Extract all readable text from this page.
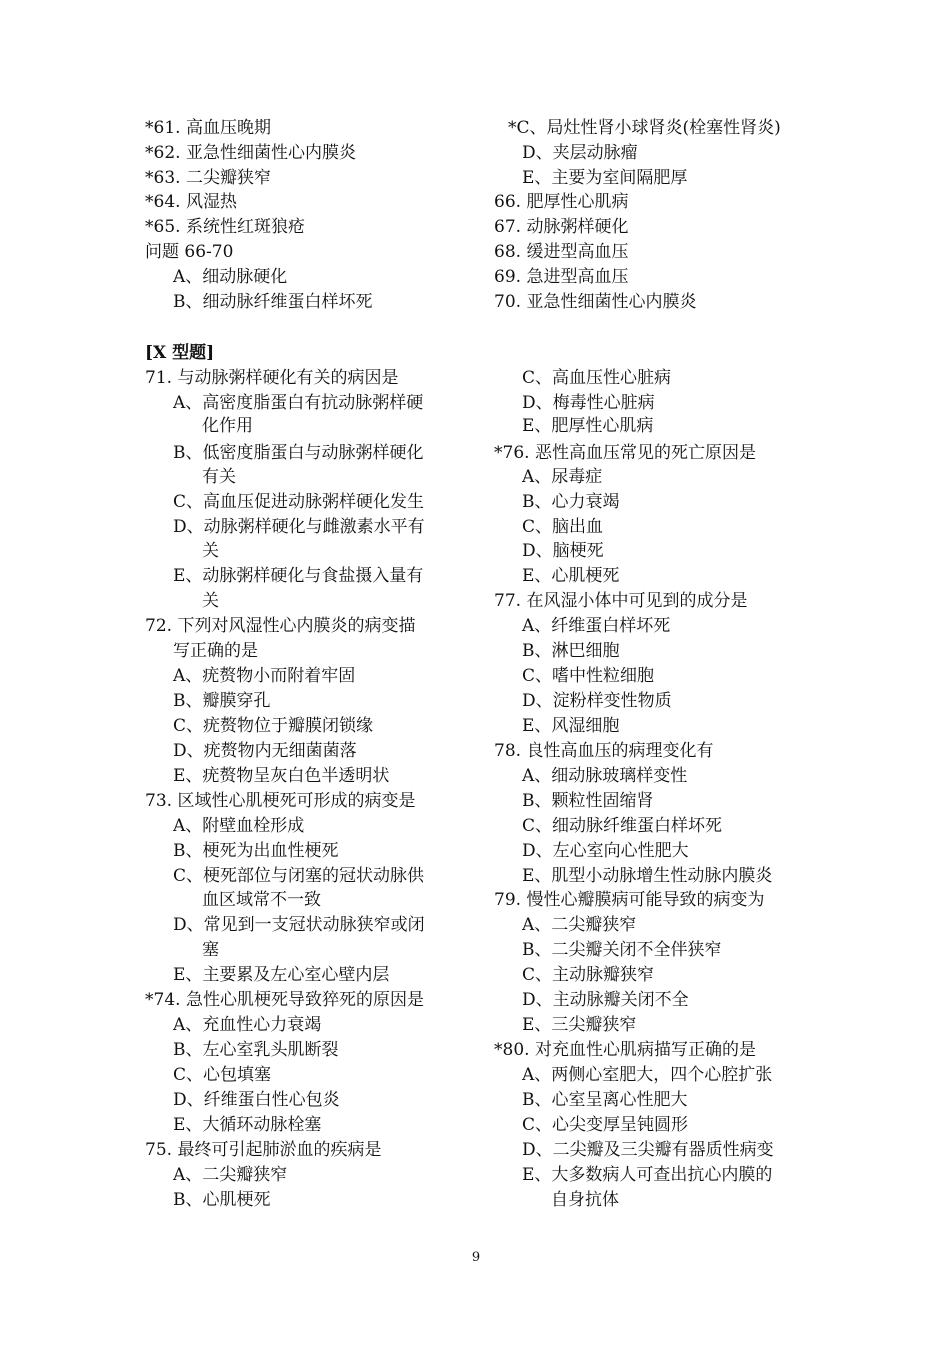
*61. 高血压晚期
*62. 亚急性细菌性心内膜炎
*63. 二尖瓣狭窄
*64. 风湿热
*65. 系统性红斑狼疮
问题 66-70
A、细动脉硬化
B、细动脉纤维蛋白样坏死
*C、局灶性肾小球肾炎(栓塞性肾炎)
D、夹层动脉瘤
E、主要为室间隔肥厚
66. 肥厚性心肌病
67. 动脉粥样硬化
68. 缓进型高血压
69. 急进型高血压
70. 亚急性细菌性心内膜炎
[X 型题]
71. 与动脉粥样硬化有关的病因是
A、高密度脂蛋白有抗动脉粥样硬
化作用
B、低密度脂蛋白与动脉粥样硬化
有关
C、高血压促进动脉粥样硬化发生
D、动脉粥样硬化与雌激素水平有
关
E、动脉粥样硬化与食盐摄入量有
关
72. 下列对风湿性心内膜炎的病变描
写正确的是
A、疣赘物小而附着牢固
B、瓣膜穿孔
C、疣赘物位于瓣膜闭锁缘
D、疣赘物内无细菌菌落
E、疣赘物呈灰白色半透明状
73. 区域性心肌梗死可形成的病变是
A、附壁血栓形成
B、梗死为出血性梗死
C、梗死部位与闭塞的冠状动脉供
血区域常不一致
D、常见到一支冠状动脉狭窄或闭
塞
E、主要累及左心室心壁内层
*74. 急性心肌梗死导致猝死的原因是
A、充血性心力衰竭
B、左心室乳头肌断裂
C、心包填塞
D、纤维蛋白性心包炎
E、大循环动脉栓塞
75. 最终可引起肺淤血的疾病是
A、二尖瓣狭窄
B、心肌梗死
C、高血压性心脏病
D、梅毒性心脏病
E、肥厚性心肌病
*76. 恶性高血压常见的死亡原因是
A、尿毒症
B、心力衰竭
C、脑出血
D、脑梗死
E、心肌梗死
77. 在风湿小体中可见到的成分是
A、纤维蛋白样坏死
B、淋巴细胞
C、嗜中性粒细胞
D、淀粉样变性物质
E、风湿细胞
78. 良性高血压的病理变化有
A、细动脉玻璃样变性
B、颗粒性固缩肾
C、细动脉纤维蛋白样坏死
D、左心室向心性肥大
E、肌型小动脉增生性动脉内膜炎
79. 慢性心瓣膜病可能导致的病变为
A、二尖瓣狭窄
B、二尖瓣关闭不全伴狭窄
C、主动脉瓣狭窄
D、主动脉瓣关闭不全
E、三尖瓣狭窄
*80. 对充血性心肌病描写正确的是
A、两侧心室肥大，四个心腔扩张
B、心室呈离心性肥大
C、心尖变厚呈钝圆形
D、二尖瓣及三尖瓣有器质性病变
E、大多数病人可查出抗心内膜的
自身抗体
9
